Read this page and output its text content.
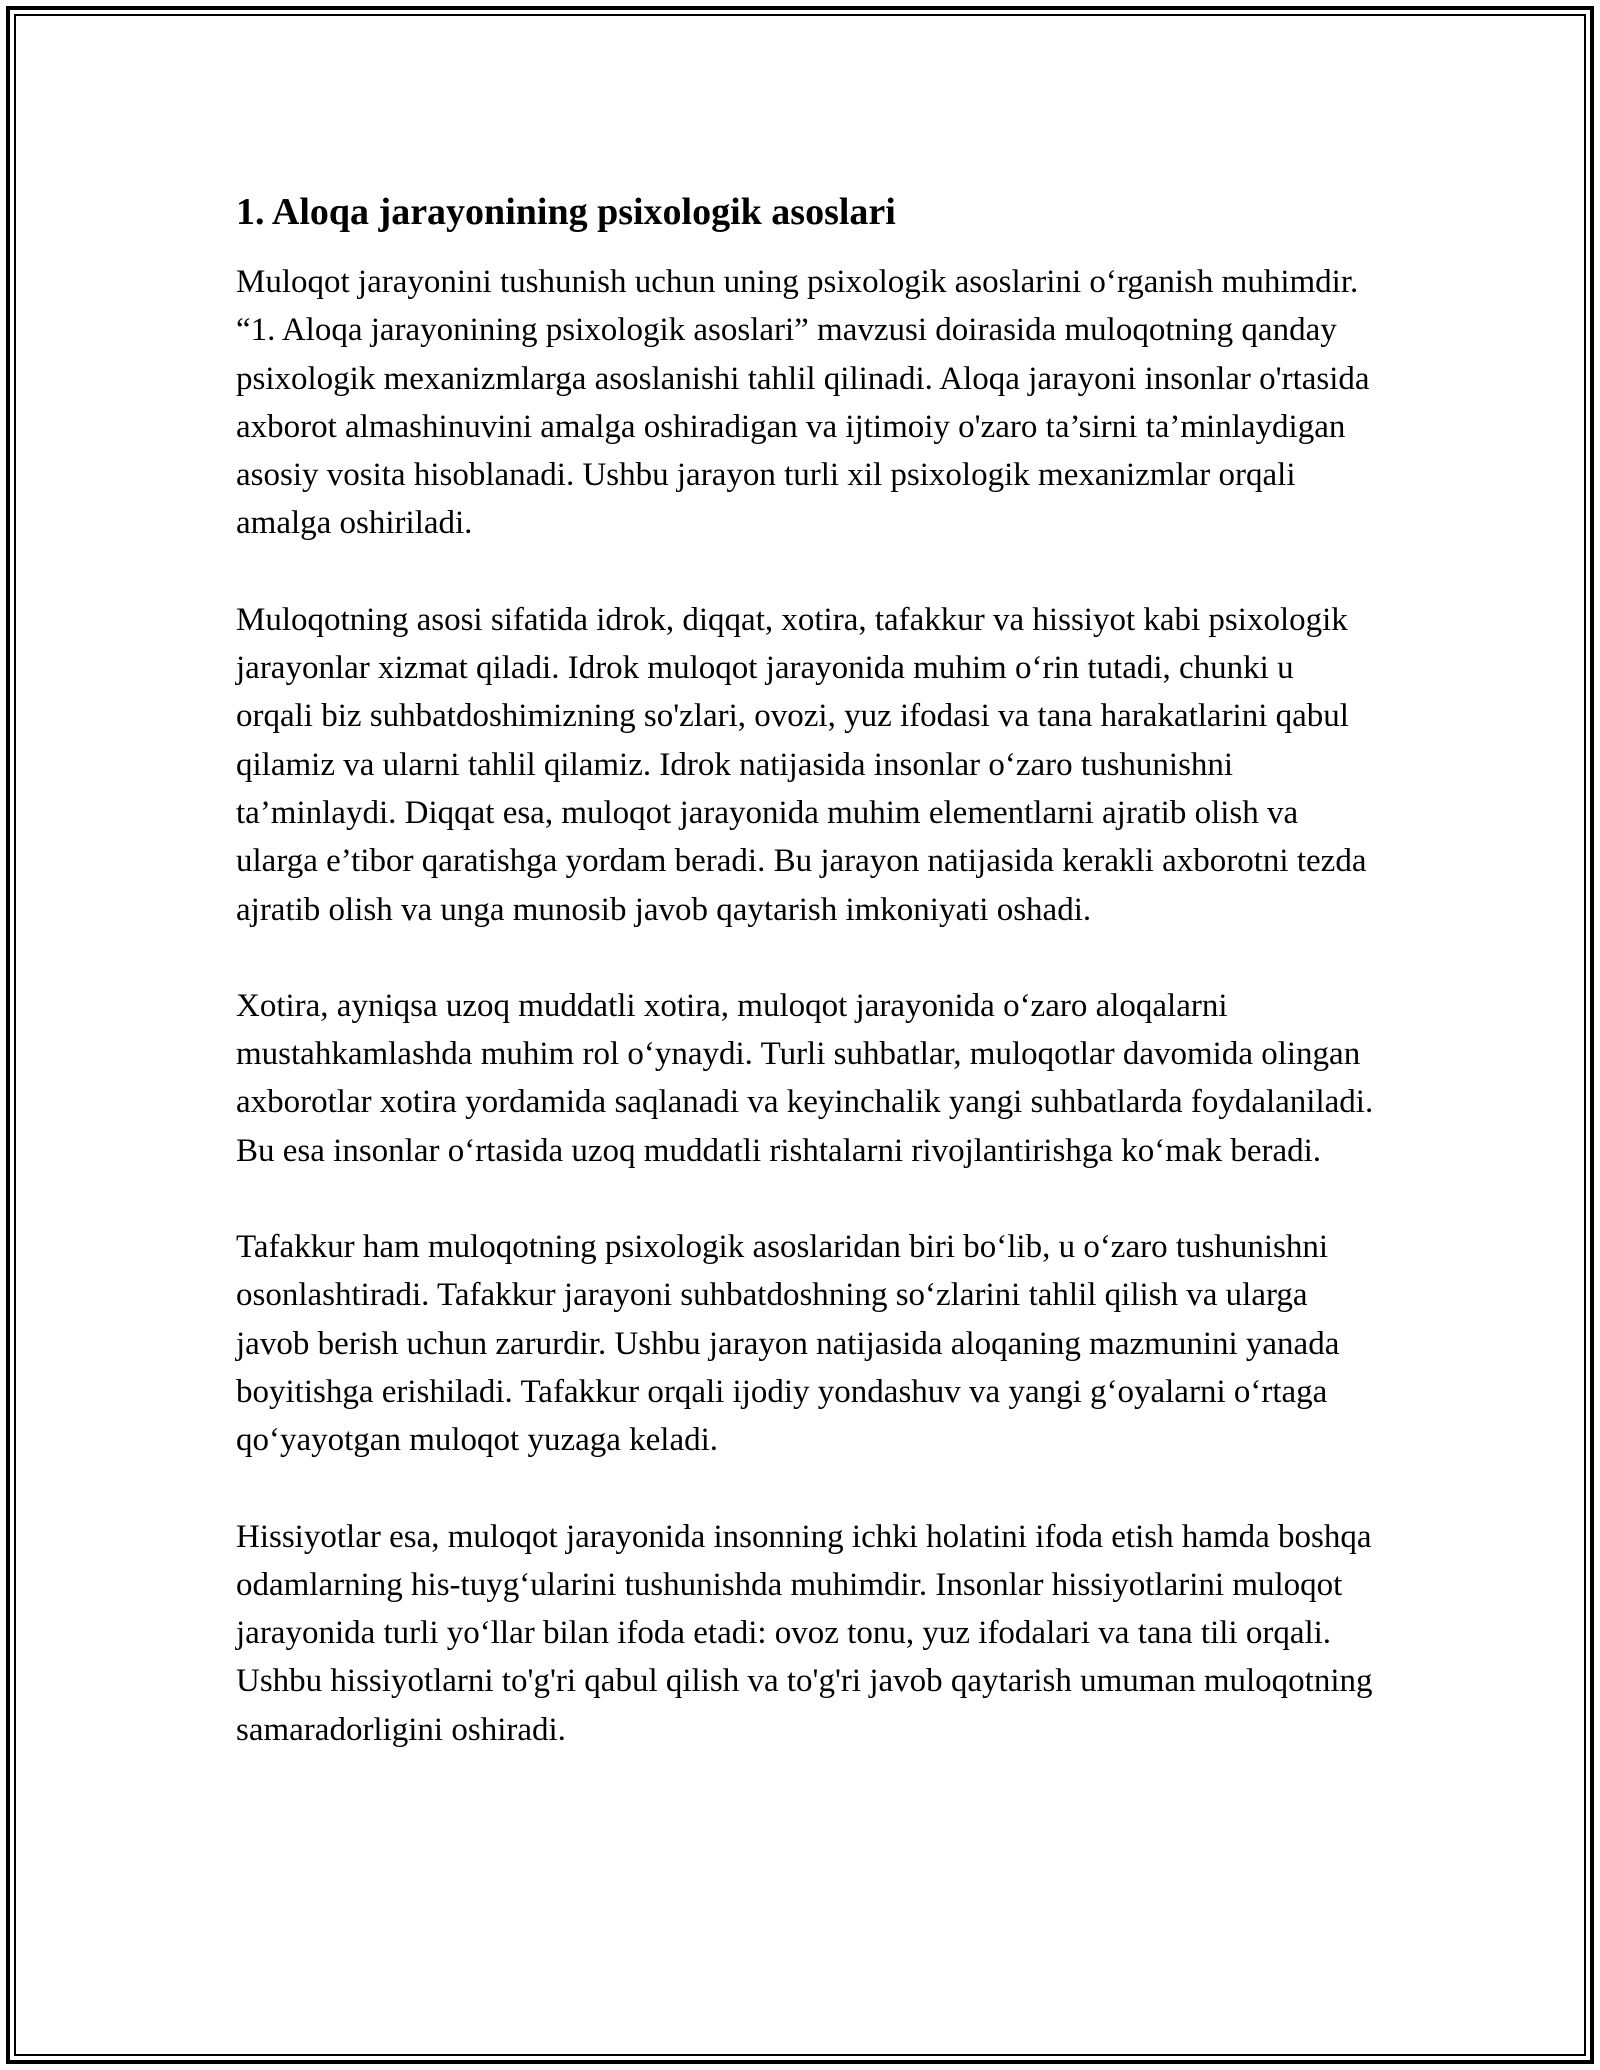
1. Aloqa jarayonining psixologik asoslari

Muloqot jarayonini tushunish uchun uning psixologik asoslarini o‘rganish muhimdir. “1. Aloqa jarayonining psixologik asoslari” mavzusi doirasida muloqotning qanday psixologik mexanizmlarga asoslanishi tahlil qilinadi. Aloqa jarayoni insonlar o'rtasida axborot almashinuvini amalga oshiradigan va ijtimoiy o'zaro ta’sirni ta’minlaydigan asosiy vosita hisoblanadi. Ushbu jarayon turli xil psixologik mexanizmlar orqali amalga oshiriladi.

Muloqotning asosi sifatida idrok, diqqat, xotira, tafakkur va hissiyot kabi psixologik jarayonlar xizmat qiladi. Idrok muloqot jarayonida muhim o‘rin tutadi, chunki u orqali biz suhbatdoshimizning so'zlari, ovozi, yuz ifodasi va tana harakatlarini qabul qilamiz va ularni tahlil qilamiz. Idrok natijasida insonlar o‘zaro tushunishni ta’minlaydi. Diqqat esa, muloqot jarayonida muhim elementlarni ajratib olish va ularga e’tibor qaratishga yordam beradi. Bu jarayon natijasida kerakli axborotni tezda ajratib olish va unga munosib javob qaytarish imkoniyati oshadi.

Xotira, ayniqsa uzoq muddatli xotira, muloqot jarayonida o‘zaro aloqalarni mustahkamlashda muhim rol o‘ynaydi. Turli suhbatlar, muloqotlar davomida olingan axborotlar xotira yordamida saqlanadi va keyinchalik yangi suhbatlarda foydalaniladi. Bu esa insonlar o‘rtasida uzoq muddatli rishtalarni rivojlantirishga ko‘mak beradi.

Tafakkur ham muloqotning psixologik asoslaridan biri bo‘lib, u o‘zaro tushunishni osonlashtiradi. Tafakkur jarayoni suhbatdoshning so‘zlarini tahlil qilish va ularga javob berish uchun zarurdir. Ushbu jarayon natijasida aloqaning mazmunini yanada boyitishga erishiladi. Tafakkur orqali ijodiy yondashuv va yangi g‘oyalarni o‘rtaga qo‘yayotgan muloqot yuzaga keladi.

Hissiyotlar esa, muloqot jarayonida insonning ichki holatini ifoda etish hamda boshqa odamlarning his-tuyg‘ularini tushunishda muhimdir. Insonlar hissiyotlarini muloqot jarayonida turli yo‘llar bilan ifoda etadi: ovoz tonu, yuz ifodalari va tana tili orqali. Ushbu hissiyotlarni to'g'ri qabul qilish va to'g'ri javob qaytarish umuman muloqotning samaradorligini oshiradi.
